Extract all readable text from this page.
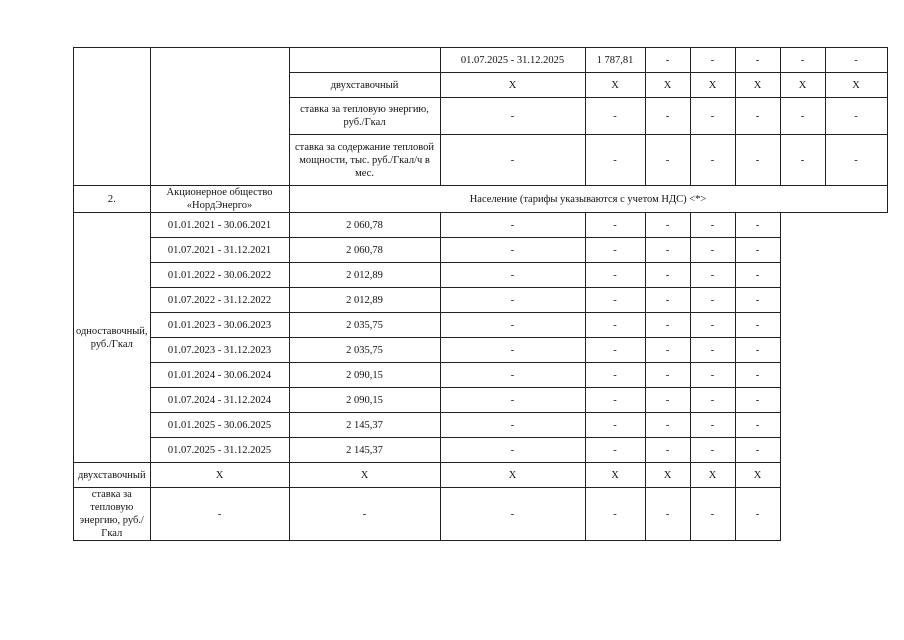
			01.07.2025 - 31.12.2025	1 787,81	-	-	-	-	-
		двухставочный	X	X	X	X	X	X	X
		ставка за тепловую энергию, руб./Гкал	-	-	-	-	-	-	-
		ставка за содержание тепловой мощности, тыс. руб./Гкал/ч в мес.	-	-	-	-	-	-	-
2.	Акционерное общество «НордЭнерго»	Население (тарифы указываются с учетом НДС) <*>							
одноставочный, руб./Гкал	01.01.2021 - 30.06.2021	2 060,78	-	-	-	-	-		
	01.07.2021 - 31.12.2021	2 060,78	-	-	-	-	-		
	01.01.2022 - 30.06.2022	2 012,89	-	-	-	-	-		
	01.07.2022 - 31.12.2022	2 012,89	-	-	-	-	-		
	01.01.2023 - 30.06.2023	2 035,75	-	-	-	-	-		
	01.07.2023 - 31.12.2023	2 035,75	-	-	-	-	-		
	01.01.2024 - 30.06.2024	2 090,15	-	-	-	-	-		
	01.07.2024 - 31.12.2024	2 090,15	-	-	-	-	-		
	01.01.2025 - 30.06.2025	2 145,37	-	-	-	-	-		
	01.07.2025 - 31.12.2025	2 145,37	-	-	-	-	-		
двухставочный	X	X	X	X	X	X	X		
ставка за тепловую энергию, руб./Гкал	-	-	-	-	-	-	-		
